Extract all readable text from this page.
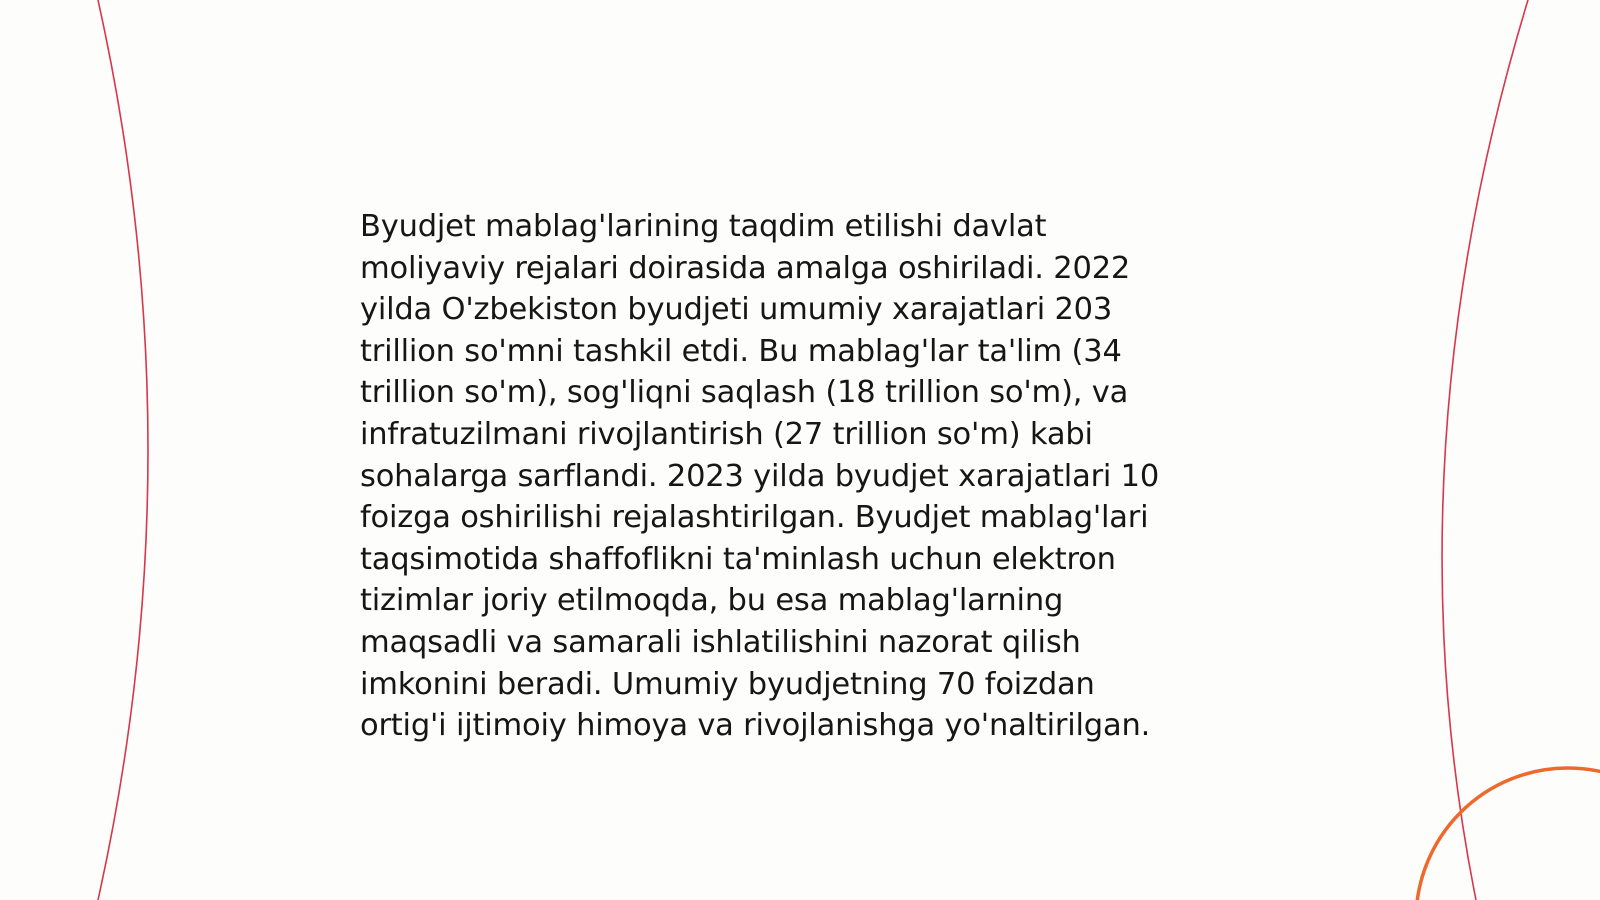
Byudjet mablag'larining taqdim etilishi davlat
moliyaviy rejalari doirasida amalga oshiriladi. 2022
yilda O'zbekiston byudjeti umumiy xarajatlari 203
trillion so'mni tashkil etdi. Bu mablag'lar ta'lim (34
trillion so'm), sog'liqni saqlash (18 trillion so'm), va
infratuzilmani rivojlantirish (27 trillion so'm) kabi
sohalarga sarflandi. 2023 yilda byudjet xarajatlari 10
foizga oshirilishi rejalashtirilgan. Byudjet mablag'lari
taqsimotida shaffoflikni ta'minlash uchun elektron
tizimlar joriy etilmoqda, bu esa mablag'larning
maqsadli va samarali ishlatilishini nazorat qilish
imkonini beradi. Umumiy byudjetning 70 foizdan
ortig'i ijtimoiy himoya va rivojlanishga yo'naltirilgan.
